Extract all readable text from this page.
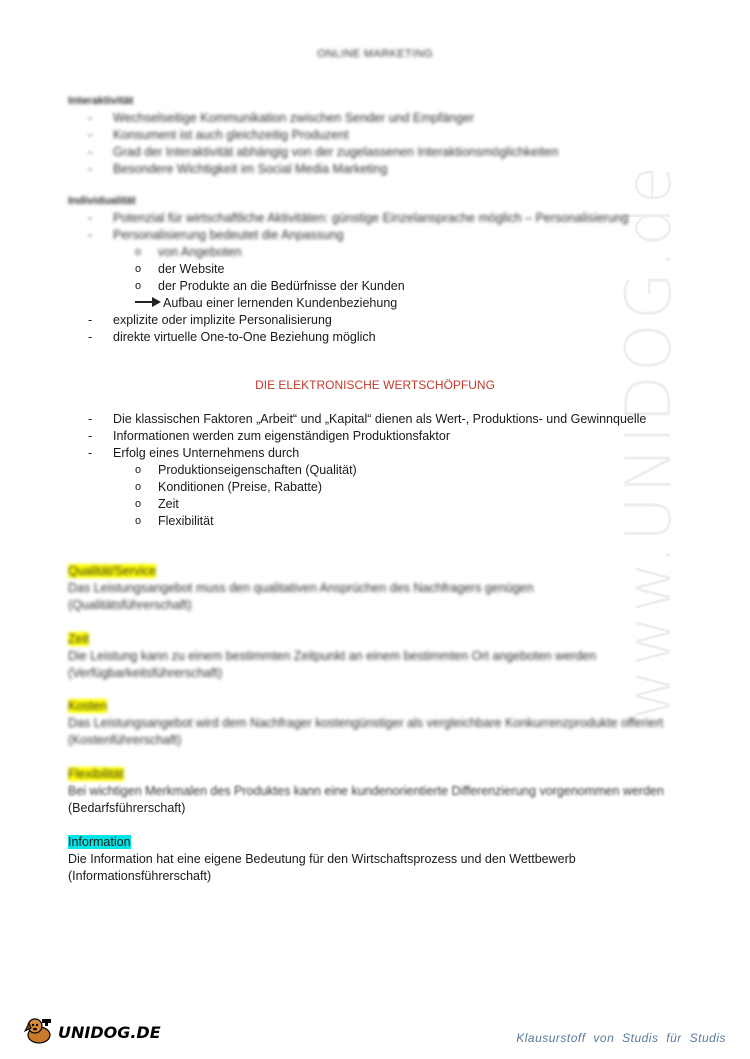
www.UNIDOG.de
ONLINE MARKETING
Interaktivität
- Wechselseitige Kommunikation zwischen Sender und Empfänger
- Konsument ist auch gleichzeitig Produzent
- Grad der Interaktivität abhängig von der zugelassenen Interaktionsmöglichkeiten
- Besondere Wichtigkeit im Social Media Marketing
Individualität
- Potenzial für wirtschaftliche Aktivitäten: günstige Einzelansprache möglich – Personalisierung
- Personalisierung bedeutet die Anpassung
o von Angeboten
o der Website
o der Produkte an die Bedürfnisse der Kunden
Aufbau einer lernenden Kundenbeziehung
- explizite oder implizite Personalisierung
- direkte virtuelle One-to-One Beziehung möglich
DIE ELEKTRONISCHE WERTSCHÖPFUNG
- Die klassischen Faktoren „Arbeit“ und „Kapital“ dienen als Wert-, Produktions- und Gewinnquelle
- Informationen werden zum eigenständigen Produktionsfaktor
- Erfolg eines Unternehmens durch
o Produktionseigenschaften (Qualität)
o Konditionen (Preise, Rabatte)
o Zeit
o Flexibilität

Qualität/Service

Das Leistungsangebot muss den qualitativen Ansprüchen des Nachfragers genügen

(Qualitätsführerschaft)

Zeit

Die Leistung kann zu einem bestimmten Zeitpunkt an einem bestimmten Ort angeboten werden

(Verfügbarkeitsführerschaft)

Kosten

Das Leistungsangebot wird dem Nachfrager kostengünstiger als vergleichbare Konkurrenzprodukte offeriert

(Kostenführerschaft)

Flexibilität

Bei wichtigen Merkmalen des Produktes kann eine kundenorientierte Differenzierung vorgenommen werden

(Bedarfsführerschaft)

Information

Die Information hat eine eigene Bedeutung für den Wirtschaftsprozess und den Wettbewerb

(Informationsführerschaft)

UNIDOG.DE	Klausurstoff von Studis für Studis
